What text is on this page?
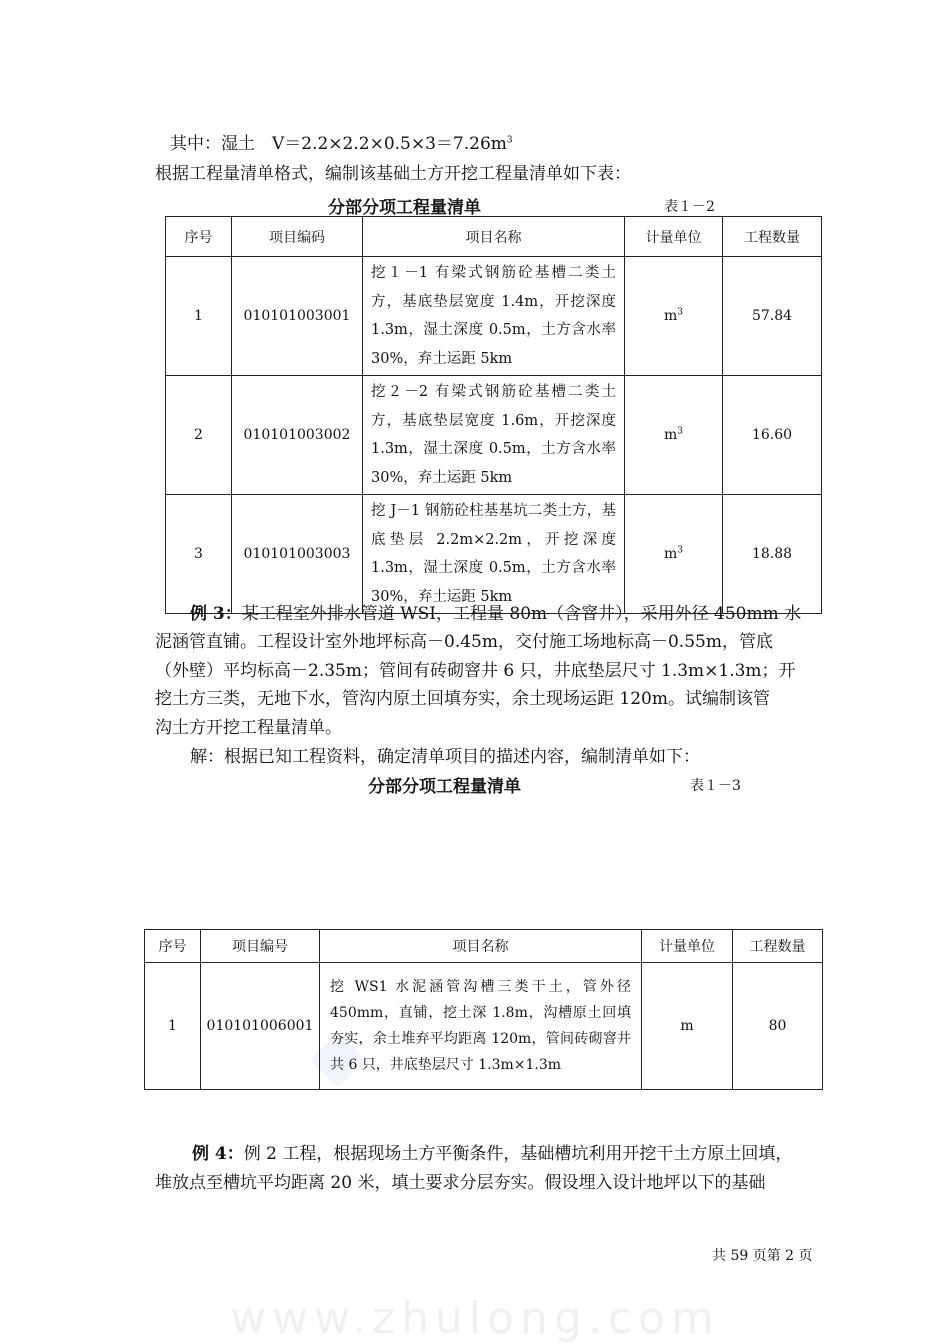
其中：湿土　$V=2.2\times 2.2\times 0.5\times 3=7.26m^3$
根据工程量清单格式，编制该基础土方开挖工程量清单如下表：
分部分项工程量清单	表１－2
序号	项目编码	项目名称	计量单位	工程数量
1	010101003001	挖１－1 有梁式钢筋砼基槽二类土方，基底垫层宽度 1.4m，开挖深度 1.3m，湿土深度 0.5m，土方含水率 30%，弃土运距 5km	$m^3$	57.84
2	010101003002	挖２－2 有梁式钢筋砼基槽二类土方，基底垫层宽度 1.6m，开挖深度 1.3m，湿土深度 0.5m，土方含水率 30%，弃土运距 5km	$m^3$	16.60
3	010101003003	挖 J－1 钢筋砼柱基基坑二类土方，基底垫层 2.2m×2.2m，开挖深度 1.3m，湿土深度 0.5m，土方含水率 30%，弃土运距 5km	$m^3$	18.88
例 3：某工程室外排水管道 WSI，工程量 80m（含窨井），采用外径 450mm 水
泥涵管直铺。工程设计室外地坪标高－0.45m，交付施工场地标高－0.55m，管底
（外壁）平均标高－2.35m；管间有砖砌窨井 6 只，井底垫层尺寸 1.3m×1.3m；开
挖土方三类，无地下水，管沟内原土回填夯实，余土现场运距 120m。试编制该管
沟土方开挖工程量清单。
解：根据已知工程资料，确定清单项目的描述内容，编制清单如下：
分部分项工程量清单	表１－3
序号	项目编号	项目名称	计量单位	工程数量
1	010101006001	挖 WS1 水泥涵管沟槽三类干土，管外径 450mm，直铺，挖土深 1.8m，沟槽原土回填夯实，余土堆弃平均距离 120m，管间砖砌窨井共 6 只，井底垫层尺寸 1.3m×1.3m	m	80
例 4：例 2 工程，根据现场土方平衡条件，基础槽坑利用开挖干土方原土回填，
堆放点至槽坑平均距离 20 米，填土要求分层夯实。假设埋入设计地坪以下的基础
共 59 页第 2 页
www.zhulong.com
